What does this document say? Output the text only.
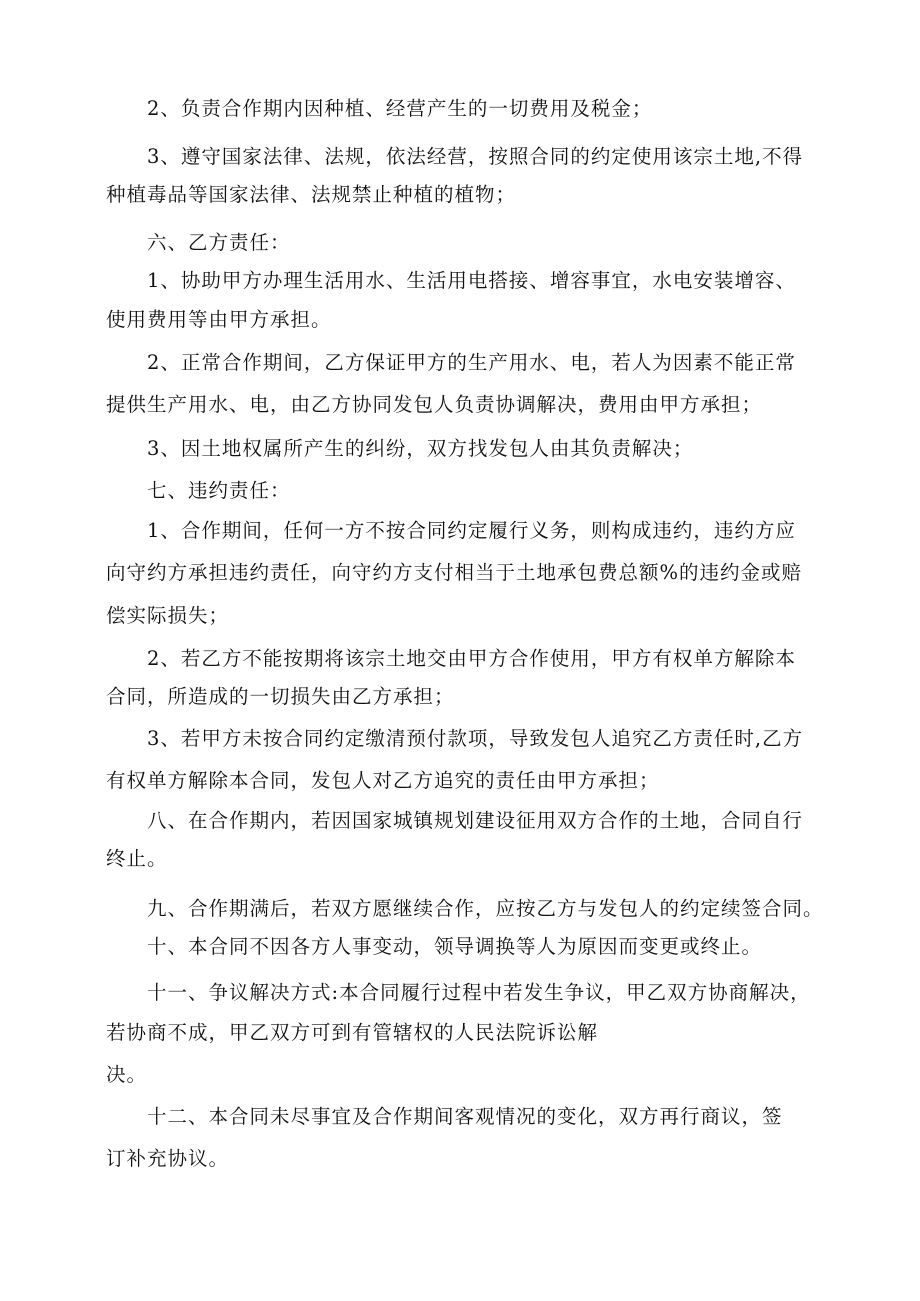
2、负责合作期内因种植、经营产生的一切费用及税金；
3、遵守国家法律、法规，依法经营，按照合同的约定使用该宗土地,不得
种植毒品等国家法律、法规禁止种植的植物；
六、乙方责任：
1、协助甲方办理生活用水、生活用电搭接、增容事宜，水电安装增容、
使用费用等由甲方承担。
2、正常合作期间，乙方保证甲方的生产用水、电，若人为因素不能正常
提供生产用水、电，由乙方协同发包人负责协调解决，费用由甲方承担；
3、因土地权属所产生的纠纷，双方找发包人由其负责解决；
七、违约责任：
1、合作期间，任何一方不按合同约定履行义务，则构成违约，违约方应
向守约方承担违约责任，向守约方支付相当于土地承包费总额%的违约金或赔
偿实际损失；
2、若乙方不能按期将该宗土地交由甲方合作使用，甲方有权单方解除本
合同，所造成的一切损失由乙方承担；
3、若甲方未按合同约定缴清预付款项，导致发包人追究乙方责任时,乙方
有权单方解除本合同，发包人对乙方追究的责任由甲方承担；
八、在合作期内，若因国家城镇规划建设征用双方合作的土地，合同自行
终止。
九、合作期满后，若双方愿继续合作，应按乙方与发包人的约定续签合同。
十、本合同不因各方人事变动，领导调换等人为原因而变更或终止。
十一、争议解决方式:本合同履行过程中若发生争议，甲乙双方协商解决，
若协商不成，甲乙双方可到有管辖权的人民法院诉讼解
决。
十二、本合同未尽事宜及合作期间客观情况的变化，双方再行商议，签
订补充协议。
